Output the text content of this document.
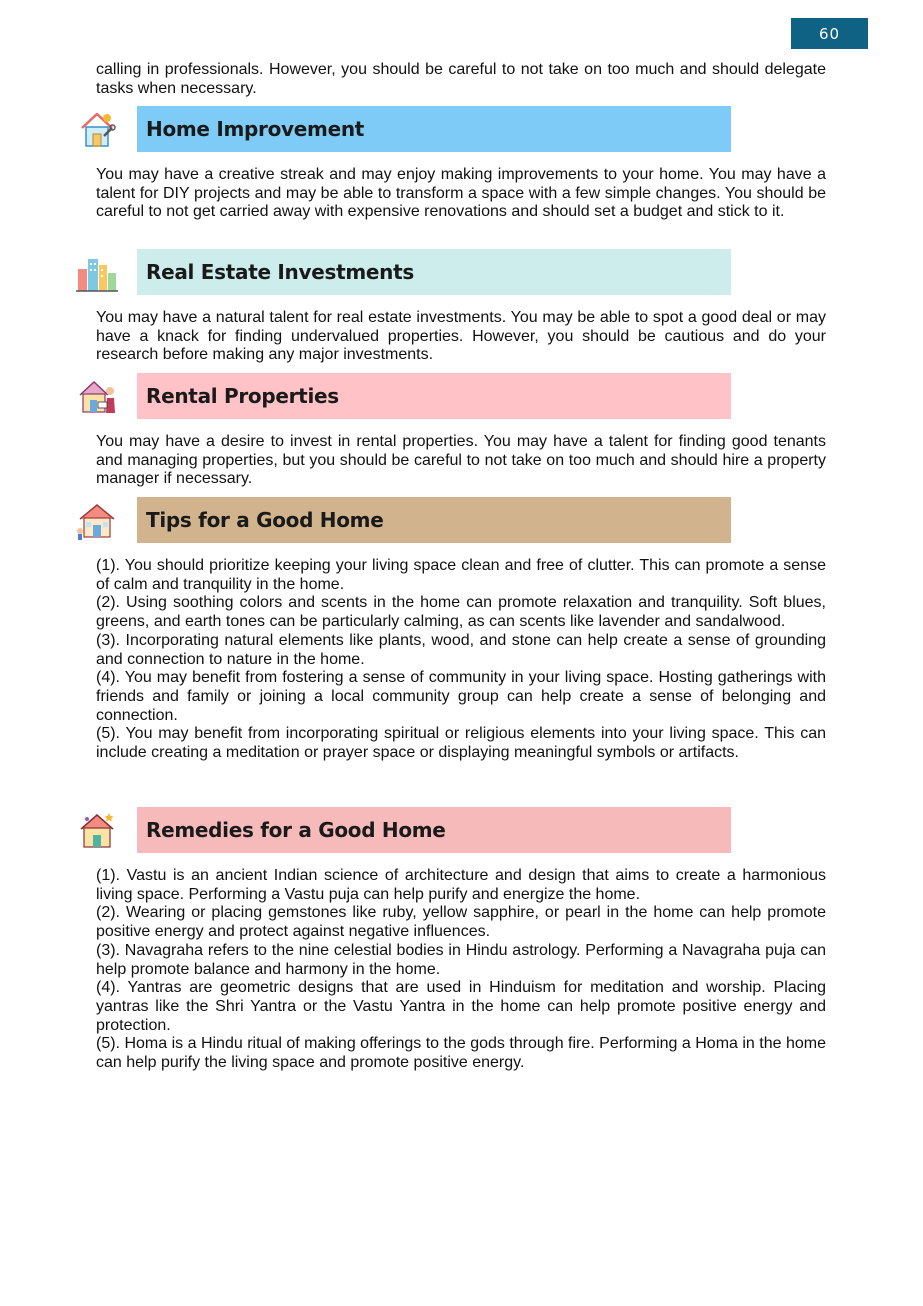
60
calling in professionals. However, you should be careful to not take on too much and should delegate tasks when necessary.
Home Improvement

You may have a creative streak and may enjoy making improvements to your home. You may have a talent for DIY projects and may be able to transform a space with a few simple changes. You should be careful to not get carried away with expensive renovations and should set a budget and stick to it.

Real Estate Investments

You may have a natural talent for real estate investments. You may be able to spot a good deal or may have a knack for finding undervalued properties. However, you should be cautious and do your research before making any major investments.

Rental Properties

You may have a desire to invest in rental properties. You may have a talent for finding good tenants and managing properties, but you should be careful to not take on too much and should hire a property manager if necessary.

Tips for a Good Home

(1). You should prioritize keeping your living space clean and free of clutter. This can promote a sense of calm and tranquility in the home.

(2). Using soothing colors and scents in the home can promote relaxation and tranquility. Soft blues, greens, and earth tones can be particularly calming, as can scents like lavender and sandalwood.

(3). Incorporating natural elements like plants, wood, and stone can help create a sense of grounding and connection to nature in the home.

(4). You may benefit from fostering a sense of community in your living space. Hosting gatherings with friends and family or joining a local community group can help create a sense of belonging and connection.

(5). You may benefit from incorporating spiritual or religious elements into your living space. This can include creating a meditation or prayer space or displaying meaningful symbols or artifacts.

Remedies for a Good Home

(1). Vastu is an ancient Indian science of architecture and design that aims to create a harmonious living space. Performing a Vastu puja can help purify and energize the home.

(2). Wearing or placing gemstones like ruby, yellow sapphire, or pearl in the home can help promote positive energy and protect against negative influences.

(3). Navagraha refers to the nine celestial bodies in Hindu astrology. Performing a Navagraha puja can help promote balance and harmony in the home.

(4). Yantras are geometric designs that are used in Hinduism for meditation and worship. Placing yantras like the Shri Yantra or the Vastu Yantra in the home can help promote positive energy and protection.

(5). Homa is a Hindu ritual of making offerings to the gods through fire. Performing a Homa in the home can help purify the living space and promote positive energy.
